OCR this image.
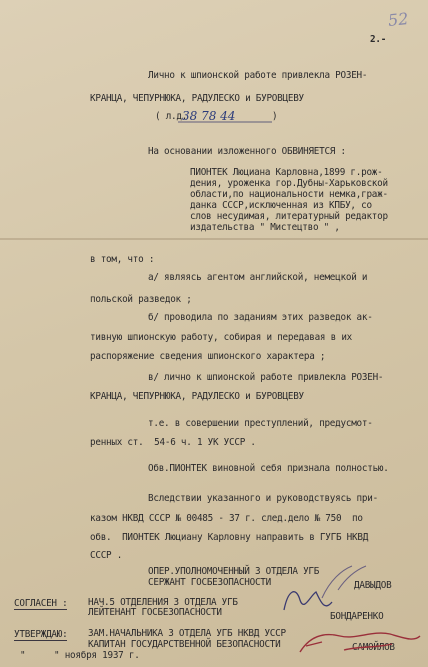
52
2.-
Лично к шпионской работе привлекла РОЗЕН-
КРАНЦА, ЧЕПУРНЮКА, РАДУЛЕСКО и БУРОВЦЕВУ
( л.д.
38 78 44	)
На основании изложенного ОБВИНЯЕТСЯ :
ПИОНТЕК Люциана Карловна,1899 г.рож-
дения, уроженка гор.Дубны-Харьковской
области,по национальности немка,граж-
данка СССР,исключенная из КПБУ, со
слов несудимая, литературный редактор
издательства " Мистецтво " ,
в том, что :
а/ являясь агентом английской, немецкой и
польской разведок ;
б/ проводила по заданиям этих разведок ак-
тивную шпионскую работу, собирая и передавая в их
распоряжение сведения шпионского характера ;
в/ лично к шпионской работе привлекла РОЗЕН-
КРАНЦА, ЧЕПУРНЮКА, РАДУЛЕСКО и БУРОВЦЕВУ
т.е. в совершении преступлений, предусмот-
ренных ст.  54-6 ч. 1 УК УССР .
Обв.ПИОНТЕК виновной себя признала полностью.
Вследствии указанного и руководствуясь при-
казом НКВД СССР № 00485 - 37 г. след.дело № 750  по
обв.  ПИОНТЕК Люциану Карловну направить в ГУГБ НКВД
СССР .
ОПЕР.УПОЛНОМОЧЕННЫЙ 3 ОТДЕЛА УГБ
СЕРЖАНТ ГОСБЕЗОПАСНОСТИ	ДАВЫДОВ
СОГЛАСЕН : НАЧ.5 ОТДЕЛЕНИЯ 3 ОТДЕЛА УГБ
ЛЕЙТЕНАНТ ГОСБЕЗОПАСНОСТИ	БОНДАРЕНКО
УТВЕРЖДАЮ: ЗАМ.НАЧАЛЬНИКА 3 ОТДЕЛА УГБ НКВД УССР
КАПИТАН ГОСУДАРСТВЕННОЙ БЕЗОПАСНОСТИ	САМОЙЛОВ
"	" ноября 1937 г.
